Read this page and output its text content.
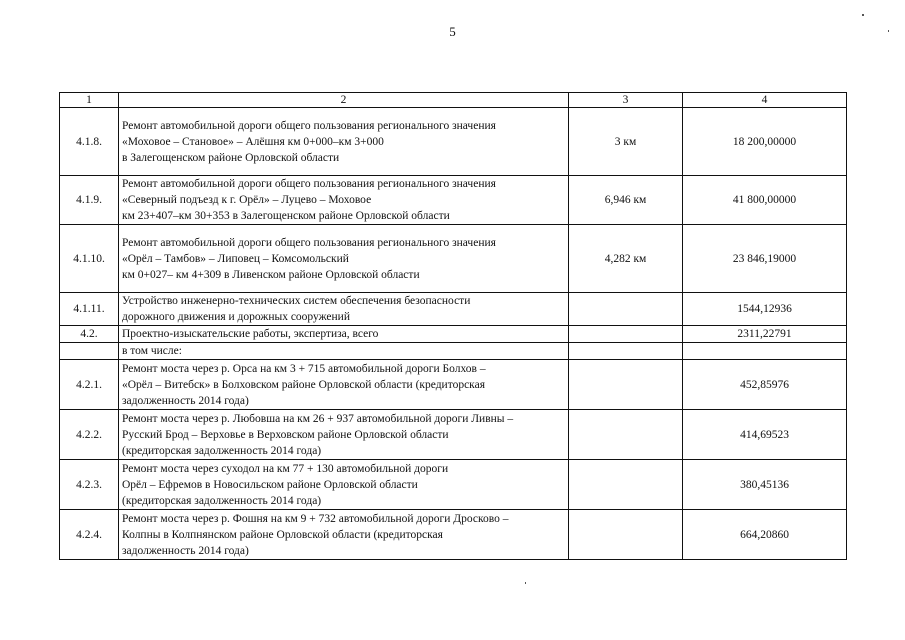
5
1	2	3	4
4.1.8.	Ремонт автомобильной дороги общего пользования регионального значения
«Моховое – Становое» – Алёшня км 0+000–км 3+000
в Залегощенском районе Орловской области	3 км	18 200,00000
4.1.9.	Ремонт автомобильной дороги общего пользования регионального значения
«Северный подъезд к г. Орёл» – Луцево – Моховое
км 23+407–км 30+353 в Залегощенском районе Орловской области	6,946 км	41 800,00000
4.1.10.	Ремонт автомобильной дороги общего пользования регионального значения
«Орёл – Тамбов» – Липовец – Комсомольский
км 0+027– км 4+309 в Ливенском районе Орловской области	4,282 км	23 846,19000
4.1.11.	Устройство инженерно-технических систем обеспечения безопасности
дорожного движения и дорожных сооружений		1544,12936
4.2.	Проектно-изыскательские работы, экспертиза, всего		2311,22791
	в том числе:		
4.2.1.	Ремонт моста через р. Орса на км 3 + 715 автомобильной дороги Болхов –
«Орёл – Витебск» в Болховском районе Орловской области (кредиторская
задолженность 2014 года)		452,85976
4.2.2.	Ремонт моста через р. Любовша на км 26 + 937 автомобильной дороги Ливны –
Русский Брод – Верховье в Верховском районе Орловской области
(кредиторская задолженность 2014 года)		414,69523
4.2.3.	Ремонт моста через суходол на км 77 + 130 автомобильной дороги
Орёл – Ефремов в Новосильском районе Орловской области
(кредиторская задолженность 2014 года)		380,45136
4.2.4.	Ремонт моста через р. Фошня на км 9 + 732 автомобильной дороги Дросково –
Колпны в Колпнянском районе Орловской области (кредиторская
задолженность 2014 года)		664,20860
